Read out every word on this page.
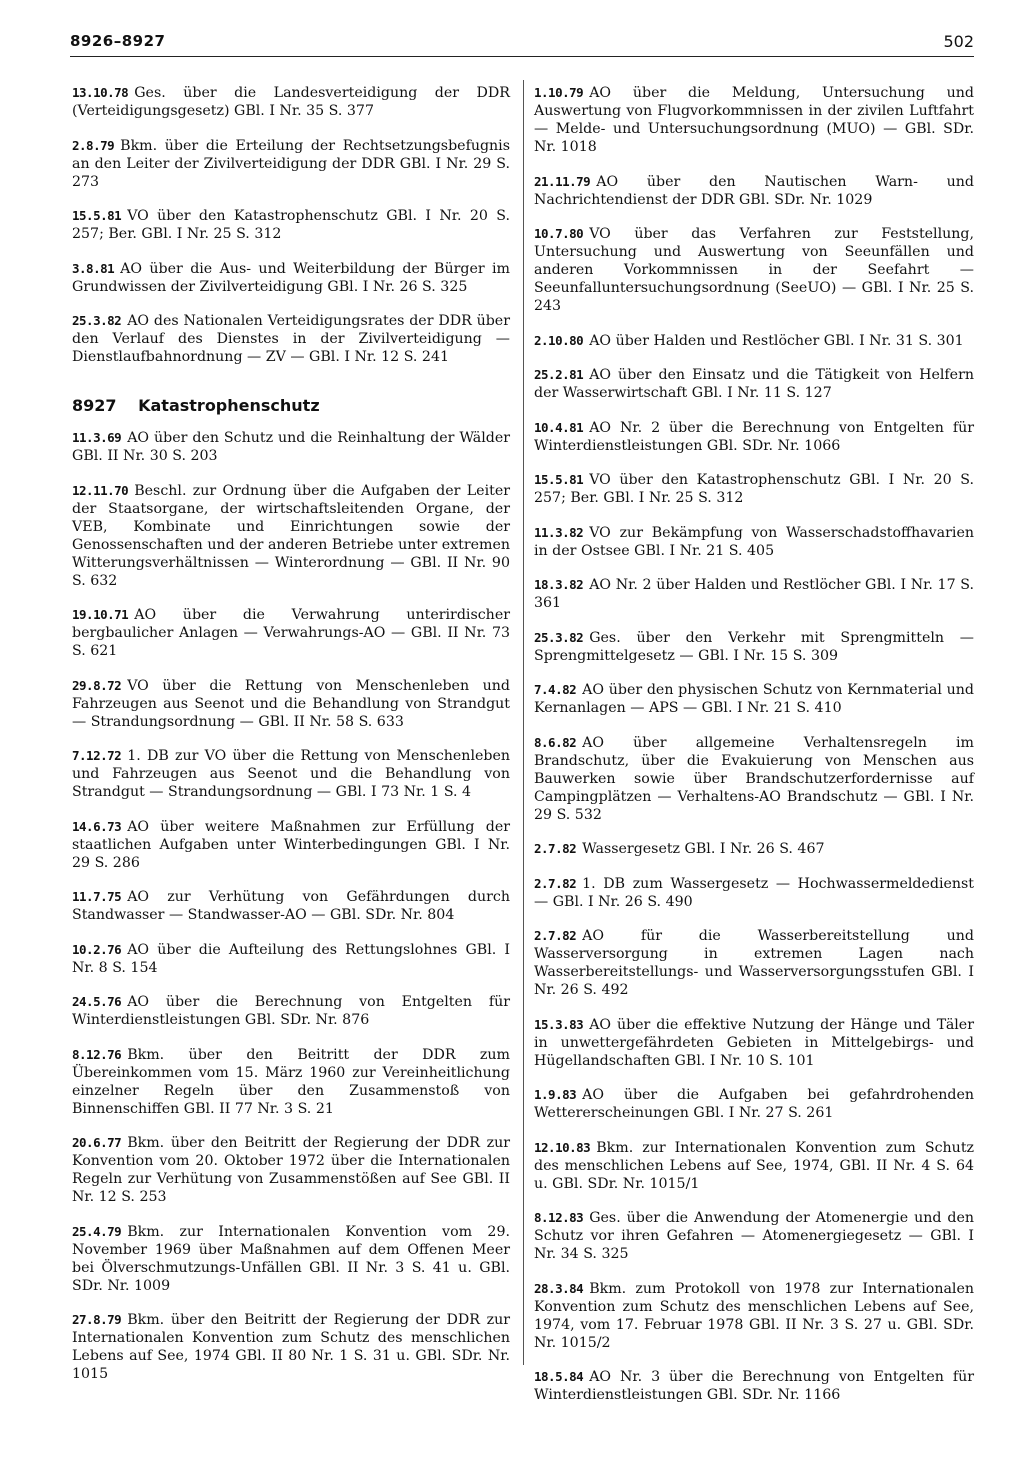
8926–8927	502

13.10.78 Ges. über die Landesverteidigung der DDR (Verteidigungsgesetz) GBl. I Nr. 35 S. 377

2.8.79 Bkm. über die Erteilung der Rechtsetzungsbefugnis an den Leiter der Zivilverteidigung der DDR GBl. I Nr. 29 S. 273

15.5.81 VO über den Katastrophenschutz GBl. I Nr. 20 S. 257; Ber. GBl. I Nr. 25 S. 312

3.8.81 AO über die Aus- und Weiterbildung der Bürger im Grundwissen der Zivilverteidigung GBl. I Nr. 26 S. 325

25.3.82 AO des Nationalen Verteidigungsrates der DDR über den Verlauf des Dienstes in der Zivilverteidigung — Dienstlaufbahnordnung — ZV — GBl. I Nr. 12 S. 241

8927 Katastrophenschutz

11.3.69 AO über den Schutz und die Reinhaltung der Wälder GBl. II Nr. 30 S. 203

12.11.70 Beschl. zur Ordnung über die Aufgaben der Leiter der Staatsorgane, der wirtschaftsleitenden Organe, der VEB, Kombinate und Einrichtungen sowie der Genossenschaften und der anderen Betriebe unter extremen Witterungsverhältnissen — Winterordnung — GBl. II Nr. 90 S. 632

19.10.71 AO über die Verwahrung unterirdischer bergbaulicher Anlagen — Verwahrungs-AO — GBl. II Nr. 73 S. 621

29.8.72 VO über die Rettung von Menschenleben und Fahrzeugen aus Seenot und die Behandlung von Strandgut — Strandungsordnung — GBl. II Nr. 58 S. 633

7.12.72 1. DB zur VO über die Rettung von Menschenleben und Fahrzeugen aus Seenot und die Behandlung von Strandgut — Strandungsordnung — GBl. I 73 Nr. 1 S. 4

14.6.73 AO über weitere Maßnahmen zur Erfüllung der staatlichen Aufgaben unter Winterbedingungen GBl. I Nr. 29 S. 286

11.7.75 AO zur Verhütung von Gefährdungen durch Standwasser — Standwasser-AO — GBl. SDr. Nr. 804

10.2.76 AO über die Aufteilung des Rettungslohnes GBl. I Nr. 8 S. 154

24.5.76 AO über die Berechnung von Entgelten für Winterdienstleistungen GBl. SDr. Nr. 876

8.12.76 Bkm. über den Beitritt der DDR zum Übereinkommen vom 15. März 1960 zur Vereinheitlichung einzelner Regeln über den Zusammenstoß von Binnenschiffen GBl. II 77 Nr. 3 S. 21

20.6.77 Bkm. über den Beitritt der Regierung der DDR zur Konvention vom 20. Oktober 1972 über die Internationalen Regeln zur Verhütung von Zusammenstößen auf See GBl. II Nr. 12 S. 253

25.4.79 Bkm. zur Internationalen Konvention vom 29. November 1969 über Maßnahmen auf dem Offenen Meer bei Ölverschmutzungs-Unfällen GBl. II Nr. 3 S. 41 u. GBl. SDr. Nr. 1009

27.8.79 Bkm. über den Beitritt der Regierung der DDR zur Internationalen Konvention zum Schutz des menschlichen Lebens auf See, 1974 GBl. II 80 Nr. 1 S. 31 u. GBl. SDr. Nr. 1015

1.10.79 AO über die Meldung, Untersuchung und Auswertung von Flugvorkommnissen in der zivilen Luftfahrt — Melde- und Untersuchungsordnung (MUO) — GBl. SDr. Nr. 1018

21.11.79 AO über den Nautischen Warn- und Nachrichtendienst der DDR GBl. SDr. Nr. 1029

10.7.80 VO über das Verfahren zur Feststellung, Untersuchung und Auswertung von Seeunfällen und anderen Vorkommnissen in der Seefahrt — Seeunfalluntersuchungsordnung (SeeUO) — GBl. I Nr. 25 S. 243

2.10.80 AO über Halden und Restlöcher GBl. I Nr. 31 S. 301

25.2.81 AO über den Einsatz und die Tätigkeit von Helfern der Wasserwirtschaft GBl. I Nr. 11 S. 127

10.4.81 AO Nr. 2 über die Berechnung von Entgelten für Winterdienstleistungen GBl. SDr. Nr. 1066

15.5.81 VO über den Katastrophenschutz GBl. I Nr. 20 S. 257; Ber. GBl. I Nr. 25 S. 312

11.3.82 VO zur Bekämpfung von Wasserschadstoffhavarien in der Ostsee GBl. I Nr. 21 S. 405

18.3.82 AO Nr. 2 über Halden und Restlöcher GBl. I Nr. 17 S. 361

25.3.82 Ges. über den Verkehr mit Sprengmitteln — Sprengmittelgesetz — GBl. I Nr. 15 S. 309

7.4.82 AO über den physischen Schutz von Kernmaterial und Kernanlagen — APS — GBl. I Nr. 21 S. 410

8.6.82 AO über allgemeine Verhaltensregeln im Brandschutz, über die Evakuierung von Menschen aus Bauwerken sowie über Brandschutzerfordernisse auf Campingplätzen — Verhaltens-AO Brandschutz — GBl. I Nr. 29 S. 532

2.7.82 Wassergesetz GBl. I Nr. 26 S. 467

2.7.82 1. DB zum Wassergesetz — Hochwassermeldedienst — GBl. I Nr. 26 S. 490

2.7.82 AO für die Wasserbereitstellung und Wasserversorgung in extremen Lagen nach Wasserbereitstellungs- und Wasserversorgungsstufen GBl. I Nr. 26 S. 492

15.3.83 AO über die effektive Nutzung der Hänge und Täler in unwettergefährdeten Gebieten in Mittelgebirgs- und Hügellandschaften GBl. I Nr. 10 S. 101

1.9.83 AO über die Aufgaben bei gefahrdrohenden Wettererscheinungen GBl. I Nr. 27 S. 261

12.10.83 Bkm. zur Internationalen Konvention zum Schutz des menschlichen Lebens auf See, 1974, GBl. II Nr. 4 S. 64 u. GBl. SDr. Nr. 1015/1

8.12.83 Ges. über die Anwendung der Atomenergie und den Schutz vor ihren Gefahren — Atomenergiegesetz — GBl. I Nr. 34 S. 325

28.3.84 Bkm. zum Protokoll von 1978 zur Internationalen Konvention zum Schutz des menschlichen Lebens auf See, 1974, vom 17. Februar 1978 GBl. II Nr. 3 S. 27 u. GBl. SDr. Nr. 1015/2

18.5.84 AO Nr. 3 über die Berechnung von Entgelten für Winterdienstleistungen GBl. SDr. Nr. 1166
